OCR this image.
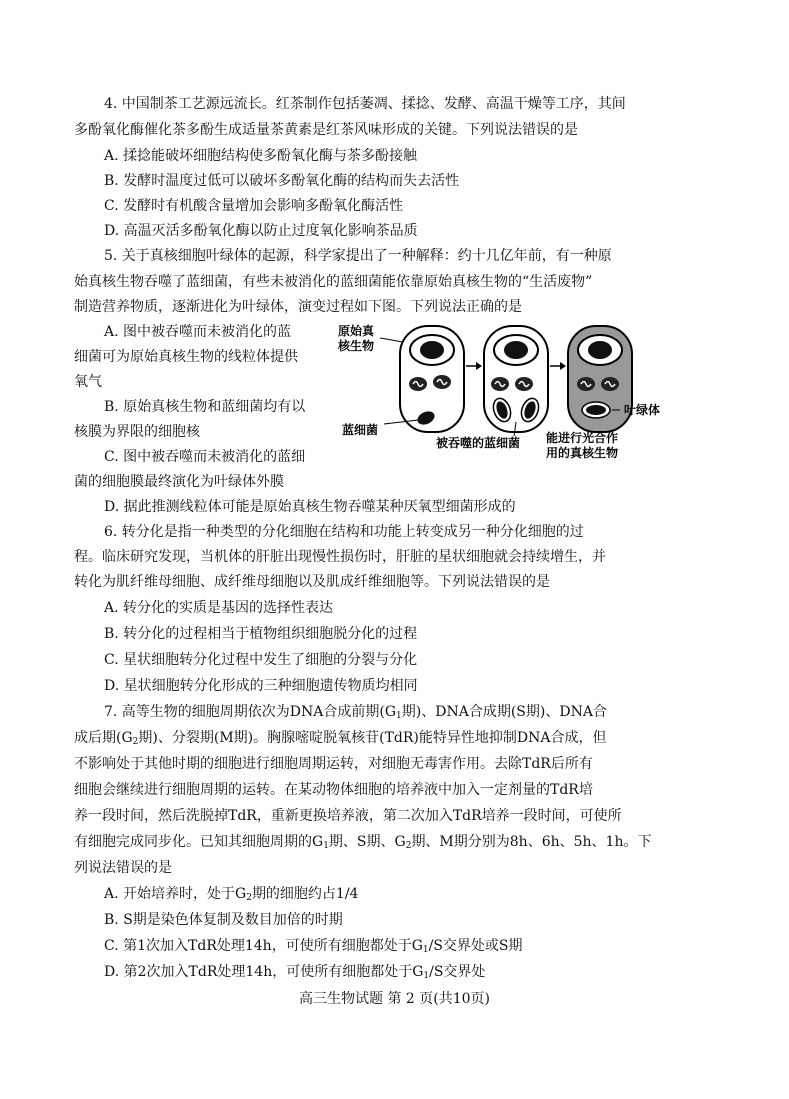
4. 中国制茶工艺源远流长。红茶制作包括萎凋、揉捻、发酵、高温干燥等工序，其间
多酚氧化酶催化茶多酚生成适量茶黄素是红茶风味形成的关键。下列说法错误的是
A. 揉捻能破坏细胞结构使多酚氧化酶与茶多酚接触
B. 发酵时温度过低可以破坏多酚氧化酶的结构而失去活性
C. 发酵时有机酸含量增加会影响多酚氧化酶活性
D. 高温灭活多酚氧化酶以防止过度氧化影响茶品质
5. 关于真核细胞叶绿体的起源，科学家提出了一种解释：约十几亿年前，有一种原
始真核生物吞噬了蓝细菌，有些未被消化的蓝细菌能依靠原始真核生物的“生活废物”
制造营养物质，逐渐进化为叶绿体，演变过程如下图。下列说法正确的是
A. 图中被吞噬而未被消化的蓝
细菌可为原始真核生物的线粒体提供
氧气
B. 原始真核生物和蓝细菌均有以
核膜为界限的细胞核
C. 图中被吞噬而未被消化的蓝细
菌的细胞膜最终演化为叶绿体外膜
D. 据此推测线粒体可能是原始真核生物吞噬某种厌氧型细菌形成的
原始真
核生物
蓝细菌
被吞噬的蓝细菌
叶绿体
能进行光合作
用的真核生物
6. 转分化是指一种类型的分化细胞在结构和功能上转变成另一种分化细胞的过
程。临床研究发现，当机体的肝脏出现慢性损伤时，肝脏的星状细胞就会持续增生，并
转化为肌纤维母细胞、成纤维母细胞以及肌成纤维细胞等。下列说法错误的是
A. 转分化的实质是基因的选择性表达
B. 转分化的过程相当于植物组织细胞脱分化的过程
C. 星状细胞转分化过程中发生了细胞的分裂与分化
D. 星状细胞转分化形成的三种细胞遗传物质均相同
7. 高等生物的细胞周期依次为DNA合成前期($G_1$期)、DNA合成期(S期)、DNA合
成后期($G_2$期)、分裂期(M期)。胸腺嘧啶脱氧核苷(TdR)能特异性地抑制DNA合成，但
不影响处于其他时期的细胞进行细胞周期运转，对细胞无毒害作用。去除TdR后所有
细胞会继续进行细胞周期的运转。在某动物体细胞的培养液中加入一定剂量的TdR培
养一段时间，然后洗脱掉TdR，重新更换培养液，第二次加入TdR培养一段时间，可使所
有细胞完成同步化。已知其细胞周期的$G_1$期、S期、$G_2$期、M期分别为8h、6h、5h、1h。下
列说法错误的是
A. 开始培养时，处于$G_2$期的细胞约占1/4
B. S期是染色体复制及数目加倍的时期
C. 第1次加入TdR处理14h，可使所有细胞都处于$G_1/S$交界处或S期
D. 第2次加入TdR处理14h，可使所有细胞都处于$G_1/S$交界处
高三生物试题 第 2 页(共10页)
